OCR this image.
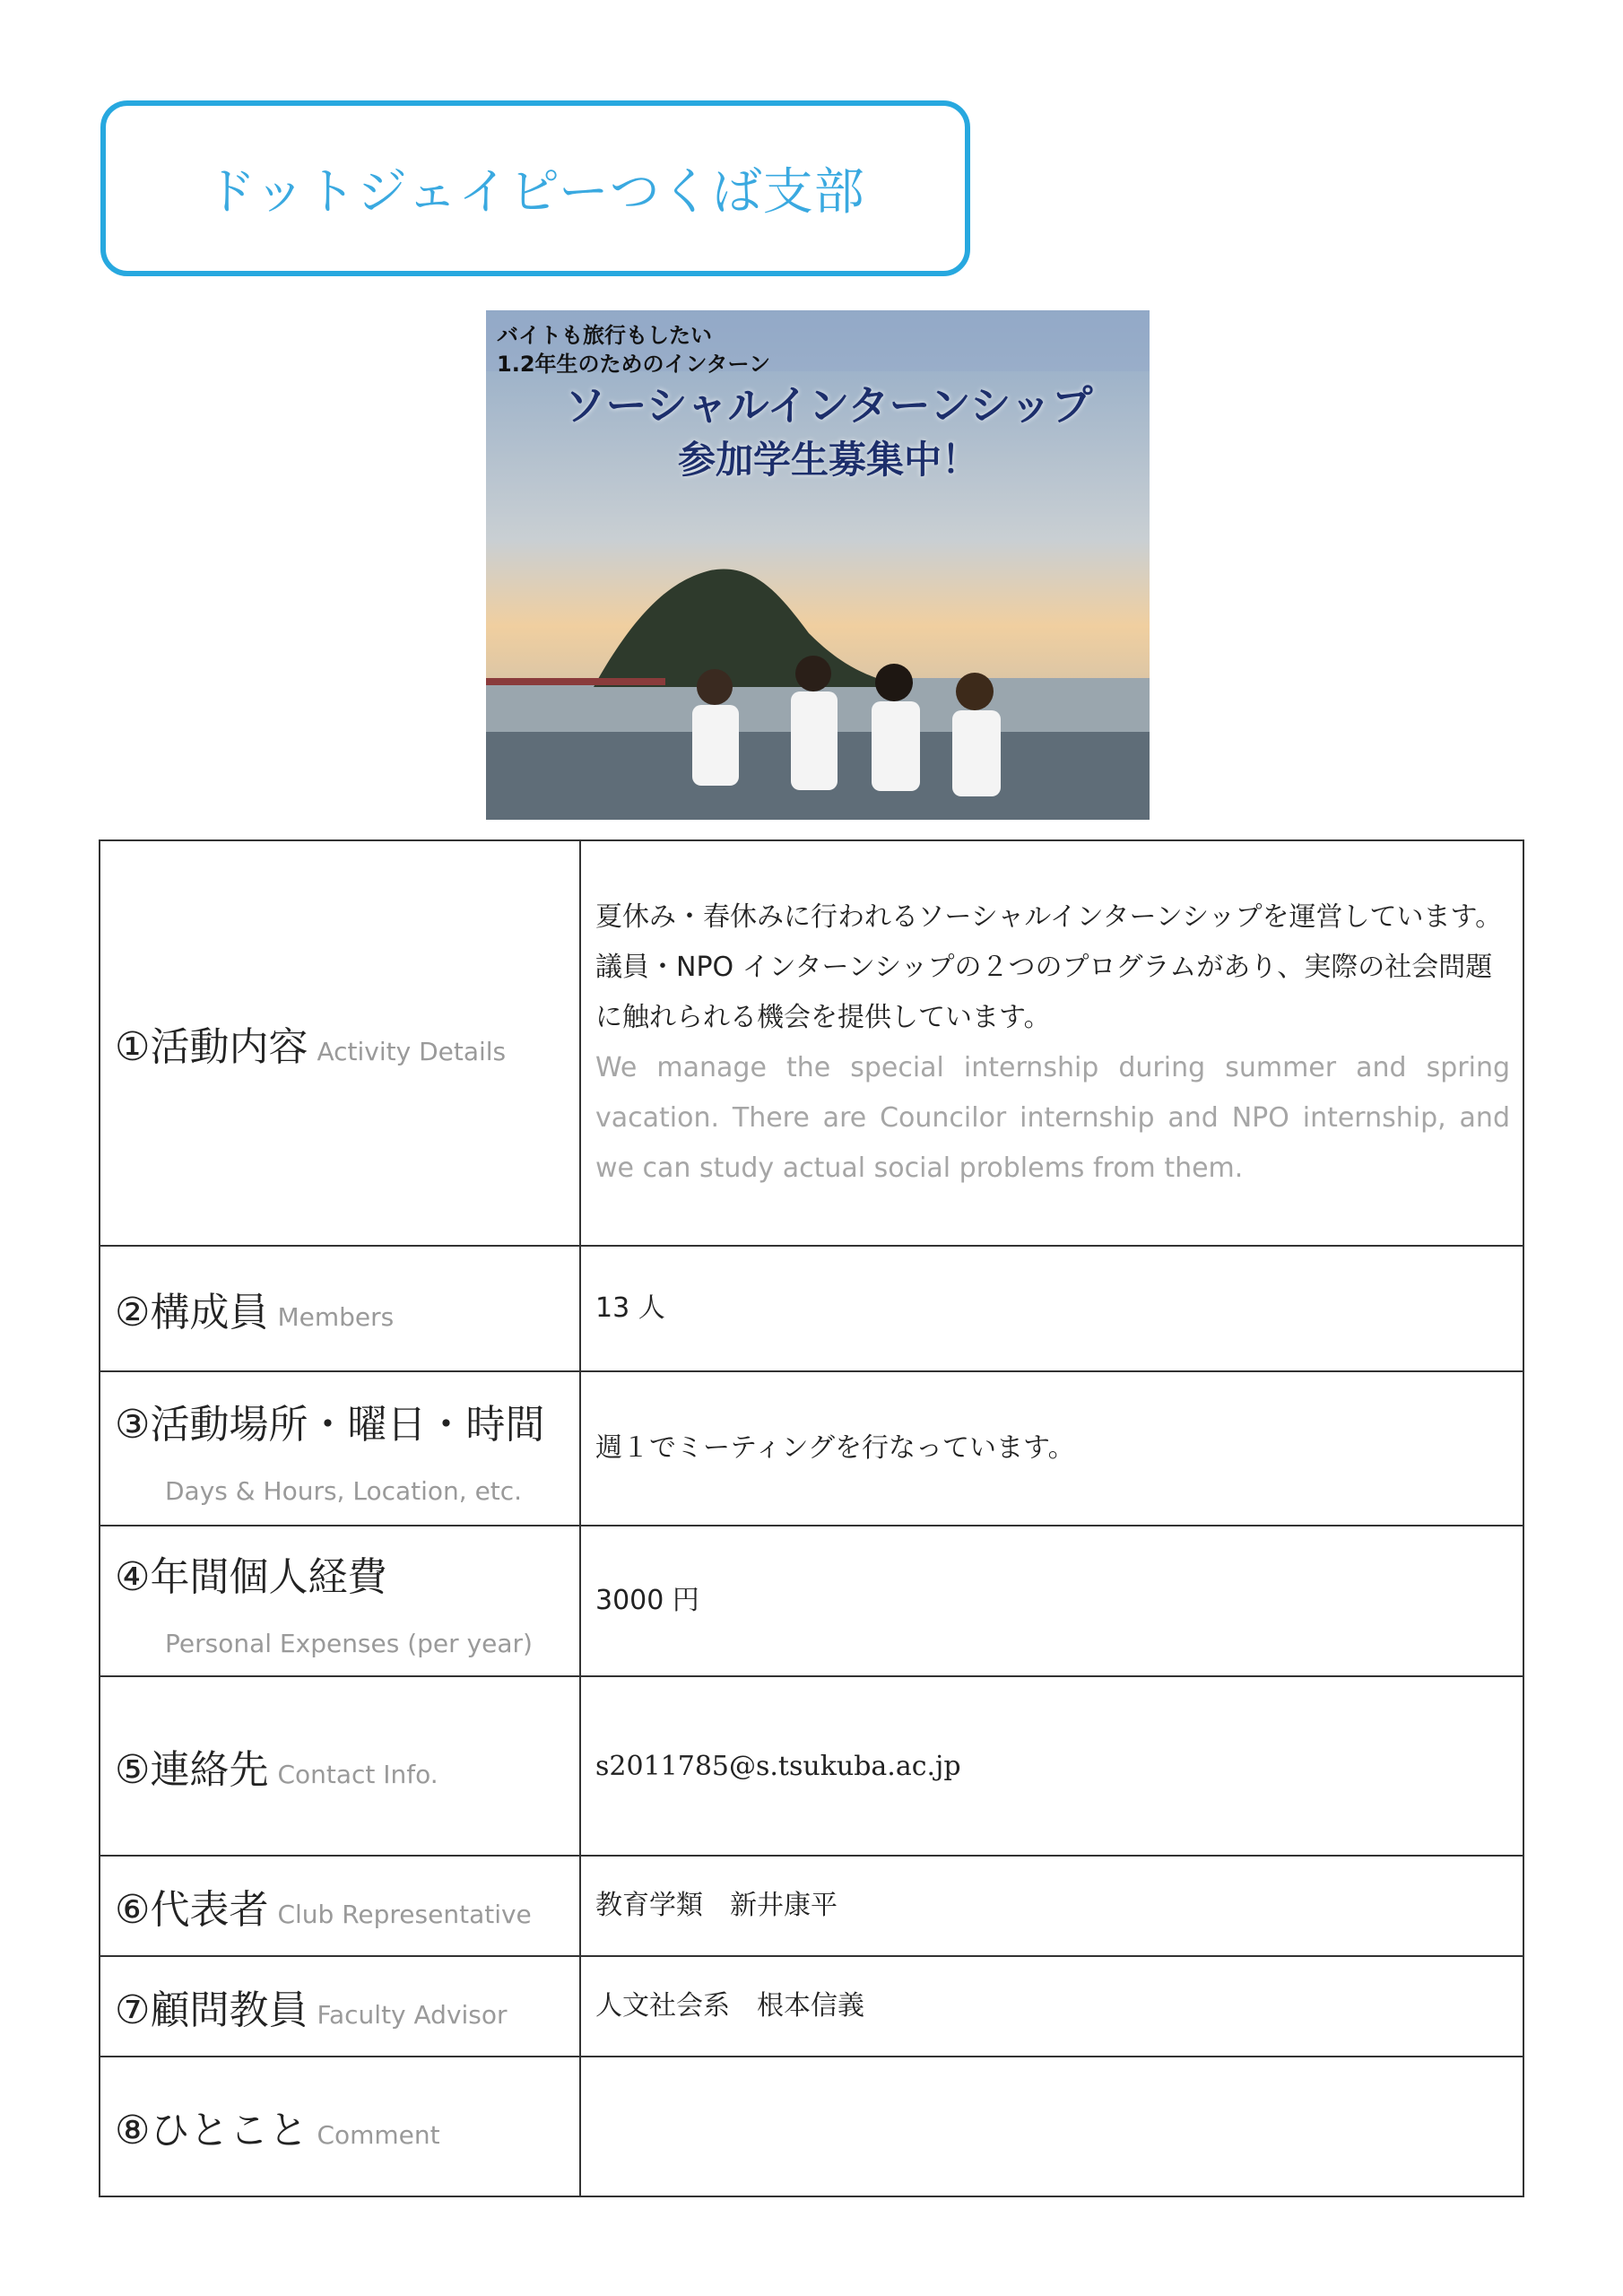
ドットジェイピーつくば支部
バイトも旅行もしたい
1.2年生のためのインターン
ソーシャルインターンシップ
参加学生募集中！
①活動内容 Activity Details	夏休み・春休みに行われるソーシャルインターンシップを運営しています。
議員・NPO インターンシップの２つのプログラムがあり、実際の社会問題に触れられる機会を提供しています。
We manage the special internship during summer and spring vacation. There are Councilor internship and NPO internship, and we can study actual social problems from them.

②構成員 Members	13 人
③活動場所・曜日・時間
Days & Hours, Location, etc.	週１でミーティングを行なっています。
④年間個人経費
Personal Expenses (per year)	3000 円
⑤連絡先 Contact Info.	s2011785@s.tsukuba.ac.jp
⑥代表者 Club Representative	教育学類　新井康平
⑦顧問教員 Faculty Advisor	人文社会系　根本信義
⑧ひとこと Comment	
